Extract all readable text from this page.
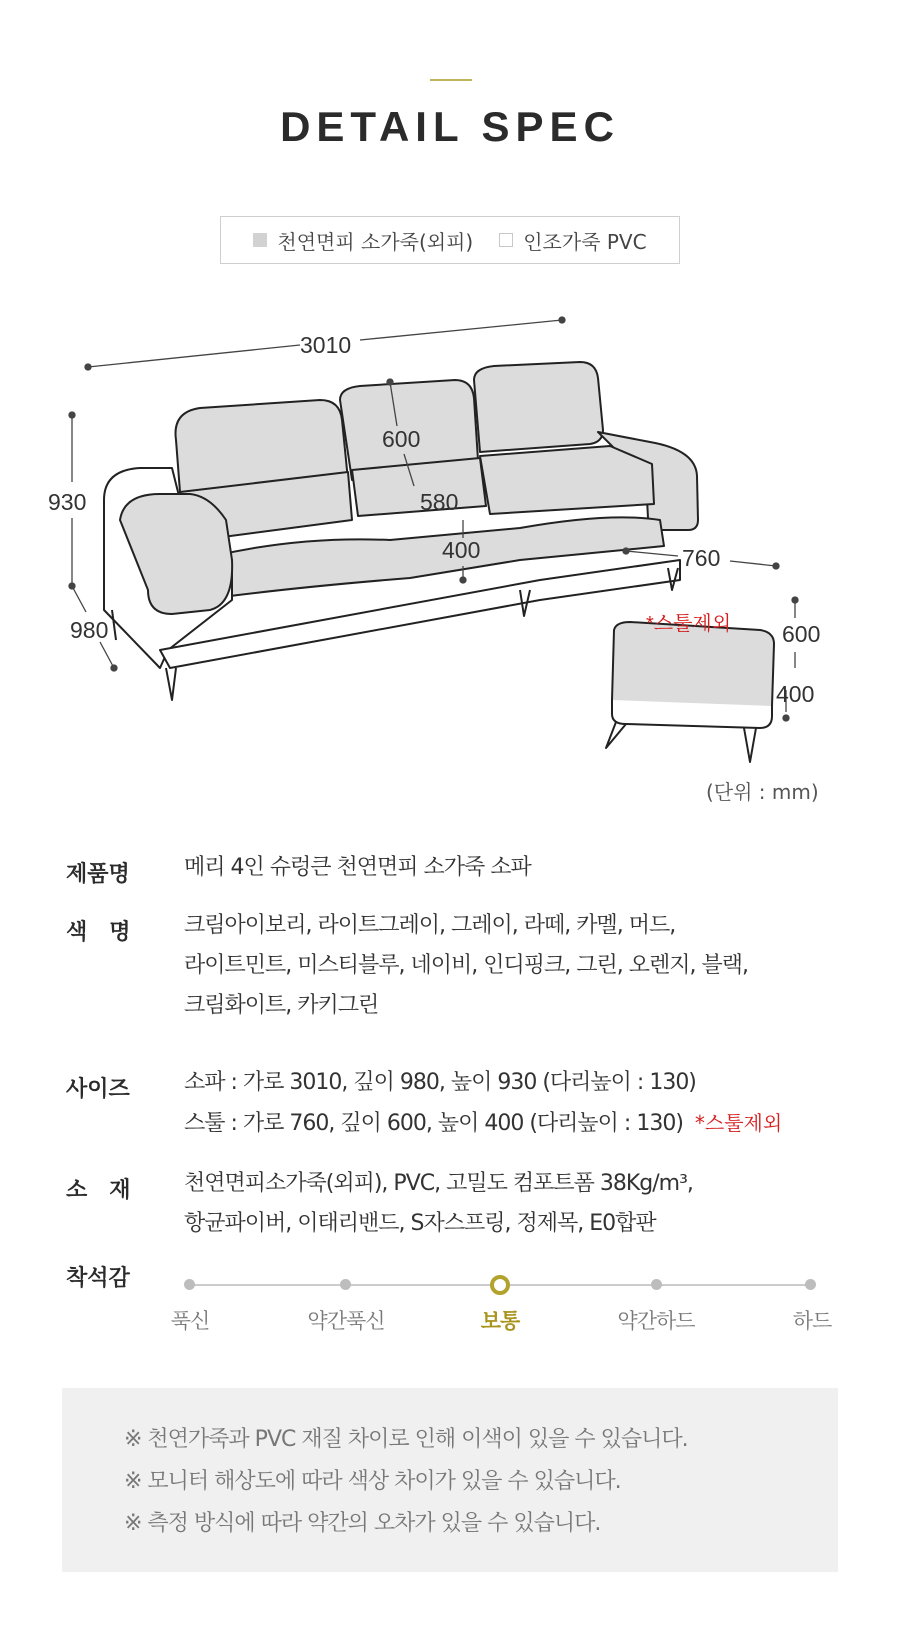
DETAIL SPEC
천연면피 소가죽(외피)	인조가죽 PVC
3010
930
980
600
580
400	760
600
400
*스툴제외
(단위 : mm)
제품명	메리 4인 슈렁큰 천연면피 소가죽 소파
색　명	크림아이보리, 라이트그레이, 그레이, 라떼, 카멜, 머드,
라이트민트, 미스티블루, 네이비, 인디핑크, 그린, 오렌지, 블랙,
크림화이트, 카키그린
사이즈	소파 : 가로 3010, 깊이 980, 높이 930 (다리높이 : 130)
스툴 : 가로 760, 깊이 600, 높이 400 (다리높이 : 130) *스툴제외
소　재	천연면피소가죽(외피), PVC, 고밀도 컴포트폼 38Kg/m³,
항균파이버, 이태리밴드, S자스프링, 정제목, E0합판
착석감
푹신	약간푹신	보통	약간하드	하드
※ 천연가죽과 PVC 재질 차이로 인해 이색이 있을 수 있습니다.
※ 모니터 해상도에 따라 색상 차이가 있을 수 있습니다.
※ 측정 방식에 따라 약간의 오차가 있을 수 있습니다.
